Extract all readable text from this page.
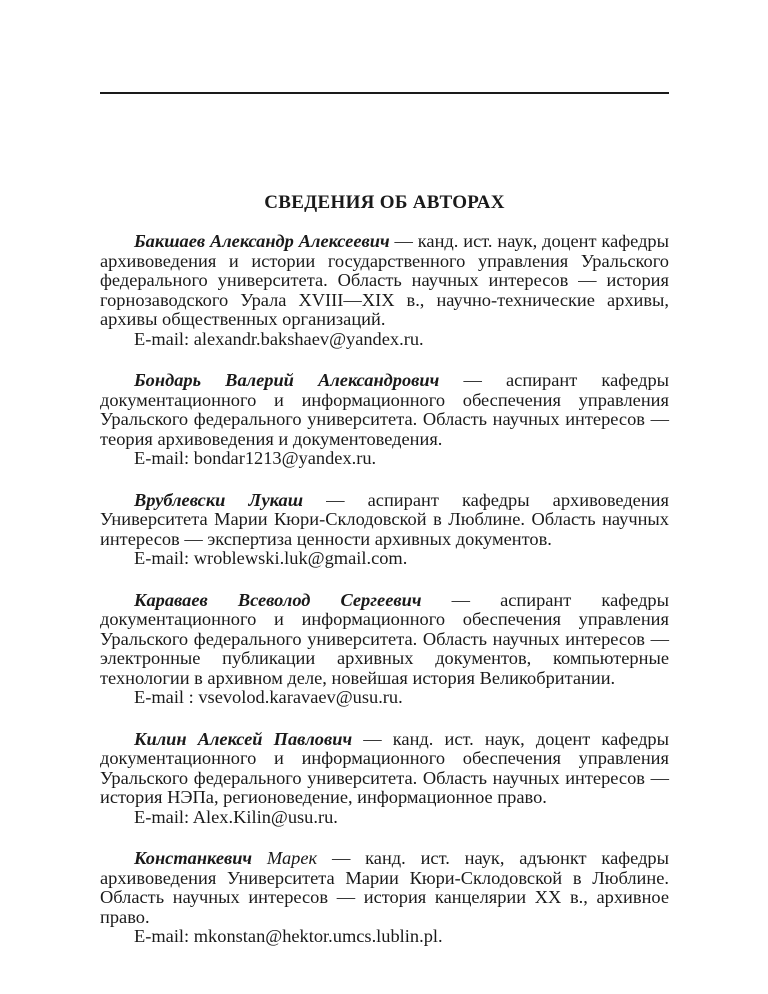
СВЕДЕНИЯ ОБ АВТОРАХ

Бакшаев Александр Алексеевич — канд. ист. наук, доцент кафедры архивоведения и истории государственного управления Уральского федерального университета. Область научных интересов — история горнозаводского Урала XVIII—XIX в., научно-технические архивы, архивы общественных организаций.

E-mail: alexandr.bakshaev@yandex.ru.

Бондарь Валерий Александрович — аспирант кафедры документационного и информационного обеспечения управления Уральского федерального университета. Область научных интересов — теория архивоведения и документоведения.

E-mail: bondar1213@yandex.ru.

Врублевски Лукаш — аспирант кафедры архивоведения Университета Марии Кюри-Склодовской в Люблине. Область научных интересов — экспертиза ценности архивных документов.

E-mail: wroblewski.luk@gmail.com.

Караваев Всеволод Сергеевич — аспирант кафедры документационного и информационного обеспечения управления Уральского федерального университета. Область научных интересов — электронные публикации архивных документов, компьютерные технологии в архивном деле, новейшая история Великобритании.

E-mail : vsevolod.karavaev@usu.ru.

Килин Алексей Павлович — канд. ист. наук, доцент кафедры документационного и информационного обеспечения управления Уральского федерального университета. Область научных интересов — история НЭПа, регионоведение, информационное право.

E-mail: Alex.Kilin@usu.ru.

Констанкевич Марек — канд. ист. наук, адъюнкт кафедры архивоведения Университета Марии Кюри-Склодовской в Люблине. Область научных интересов — история канцелярии XX в., архивное право.

E-mail: mkonstan@hektor.umcs.lublin.pl.
